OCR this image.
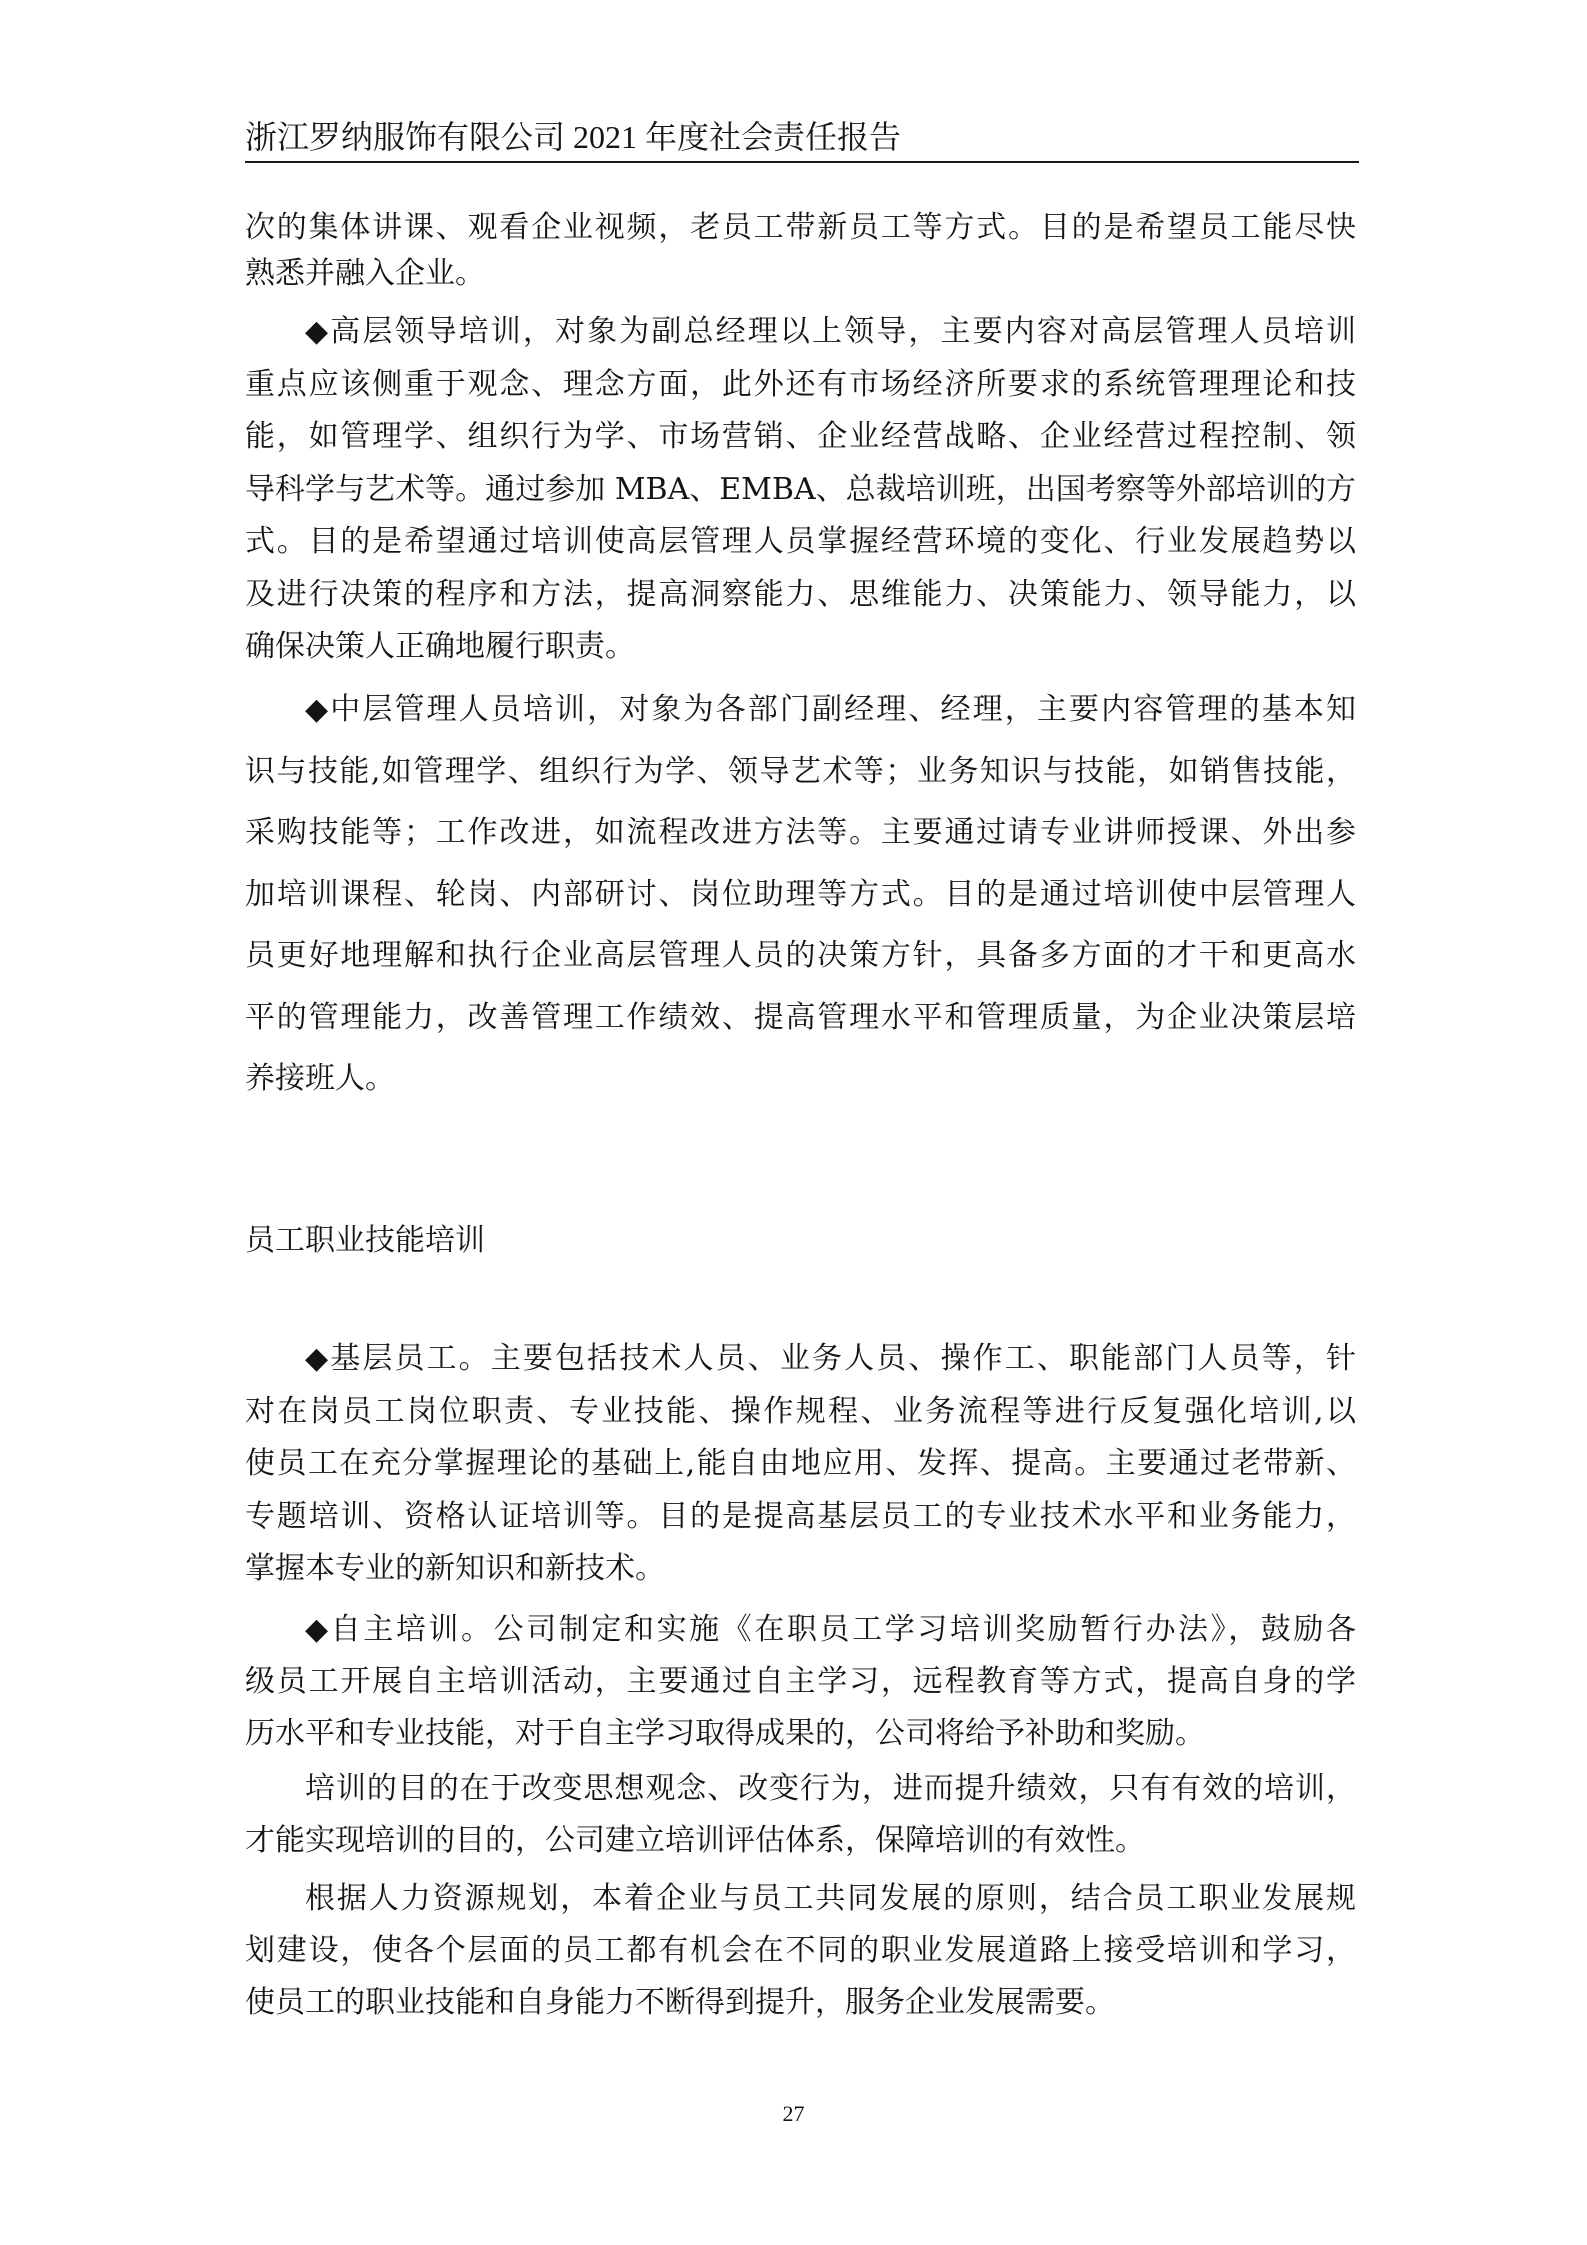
浙江罗纳服饰有限公司 2021 年度社会责任报告
次的集体讲课、观看企业视频，老员工带新员工等方式。目的是希望员工能尽快
熟悉并融入企业。
◆高层领导培训，对象为副总经理以上领导，主要内容对高层管理人员培训
重点应该侧重于观念、理念方面，此外还有市场经济所要求的系统管理理论和技
能，如管理学、组织行为学、市场营销、企业经营战略、企业经营过程控制、领
导科学与艺术等。通过参加 MBA、EMBA、总裁培训班，出国考察等外部培训的方
式。目的是希望通过培训使高层管理人员掌握经营环境的变化、行业发展趋势以
及进行决策的程序和方法，提高洞察能力、思维能力、决策能力、领导能力，以
确保决策人正确地履行职责。
◆中层管理人员培训，对象为各部门副经理、经理，主要内容管理的基本知
识与技能,如管理学、组织行为学、领导艺术等；业务知识与技能，如销售技能，
采购技能等；工作改进，如流程改进方法等。主要通过请专业讲师授课、外出参
加培训课程、轮岗、内部研讨、岗位助理等方式。目的是通过培训使中层管理人
员更好地理解和执行企业高层管理人员的决策方针，具备多方面的才干和更高水
平的管理能力，改善管理工作绩效、提高管理水平和管理质量，为企业决策层培
养接班人。
员工职业技能培训
◆基层员工。主要包括技术人员、业务人员、操作工、职能部门人员等，针
对在岗员工岗位职责、专业技能、操作规程、业务流程等进行反复强化培训,以
使员工在充分掌握理论的基础上,能自由地应用、发挥、提高。主要通过老带新、
专题培训、资格认证培训等。目的是提高基层员工的专业技术水平和业务能力，
掌握本专业的新知识和新技术。
◆自主培训。公司制定和实施《在职员工学习培训奖励暂行办法》，鼓励各
级员工开展自主培训活动，主要通过自主学习，远程教育等方式，提高自身的学
历水平和专业技能，对于自主学习取得成果的，公司将给予补助和奖励。
培训的目的在于改变思想观念、改变行为，进而提升绩效，只有有效的培训，
才能实现培训的目的，公司建立培训评估体系，保障培训的有效性。
根据人力资源规划，本着企业与员工共同发展的原则，结合员工职业发展规
划建设，使各个层面的员工都有机会在不同的职业发展道路上接受培训和学习，
使员工的职业技能和自身能力不断得到提升，服务企业发展需要。
27
